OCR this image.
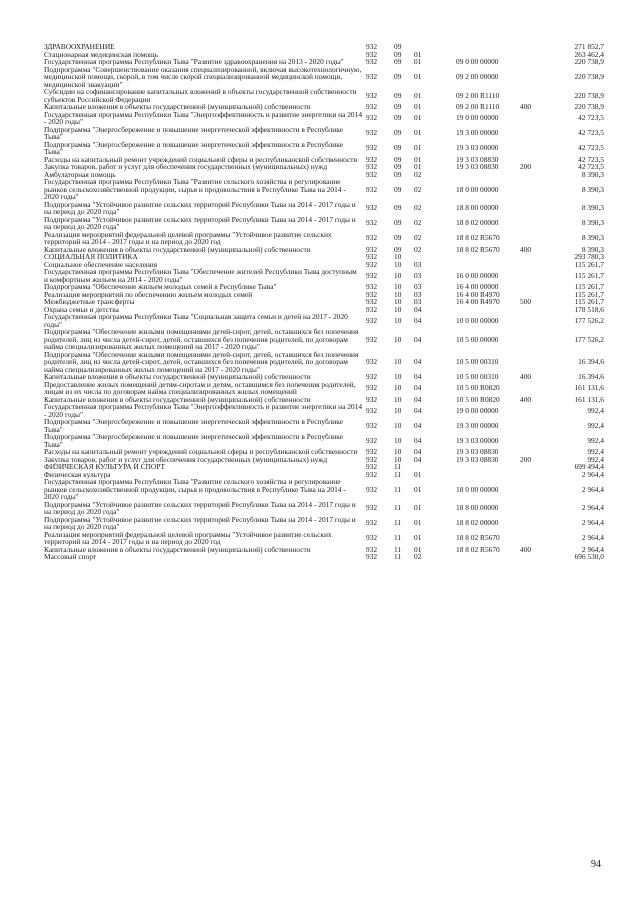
ЗДРАВООХРАНЕНИЕ	932	09				271 852,7
Стационарная медицинская помощь	932	09	01			263 462,4
Государственная программа Республики Тыва "Развитие здравоохранения на 2013 - 2020 годы"	932	09	01	09 0 00 00000		220 738,9
Подпрограмма "Совершенствование оказания специализированной, включая высокотехнологичную, медицинской помощи, скорой, в том числе скорой специализированной медицинской помощи, медицинской эвакуации"	932	09	01	09 2 00 00000		220 738,9
Субсидии на софинансирование капитальных вложений в объекты государственной собственности субъектов Российской Федерации	932	09	01	09 2 00 R1110		220 738,9
Капитальные вложения в объекты государственной (муниципальной) собственности	932	09	01	09 2 00 R1110	400	220 738,9
Государственная программа Республики Тыва "Энергоэффективность и развитие энергетики на 2014 - 2020 годы"	932	09	01	19 0 00 00000		42 723,5
Подпрограмма "Энергосбережение и повышение энергетической эффективности в Республике Тыва"	932	09	01	19 3 00 00000		42 723,5
Подпрограмма "Энергосбережение и повышение энергетической эффективности в Республике Тыва"	932	09	01	19 3 03 00000		42 723,5
Расходы на капитальный ремонт учреждений социальной сферы и республиканской собственности	932	09	01	19 3 03 08830		42 723,5
Закупка товаров, работ и услуг для обеспечения государственных (муниципальных) нужд	932	09	01	19 3 03 08830	200	42 723,5
Амбулаторная помощь	932	09	02			8 390,3
Государственная программа Республики Тыва "Развитие сельского хозяйства и регулирование рынков сельскохозяйственной продукции, сырья и продовольствия в Республике Тыва на 2014 - 2020 годы"	932	09	02	18 0 00 00000		8 390,3
Подпрограмма "Устойчивое развитие сельских территорий Республики Тыва на 2014 - 2017 годы и на период до 2020 года"	932	09	02	18 8 00 00000		8 390,3
Подпрограмма "Устойчивое развитие сельских территорий Республики Тыва на 2014 - 2017 годы и на период до 2020 года"	932	09	02	18 8 02 00000		8 390,3
Реализация мероприятий федеральной целевой программы "Устойчивое развитие сельских территорий на 2014 - 2017 годы и на период до 2020 год	932	09	02	18 8 02 R5670		8 390,3
Капитальные вложения в объекты государственной (муниципальной) собственности	932	09	02	18 8 02 R5670	400	8 390,3
СОЦИАЛЬНАЯ ПОЛИТИКА	932	10				293 780,3
Социальное обеспечение населения	932	10	03			115 261,7
Государственная программа Республики Тыва "Обеспечение жителей Республики Тыва доступным и комфортным жильем на 2014 - 2020 годы"	932	10	03	16 0 00 00000		115 261,7
Подпрограмма "Обеспечение жильем молодых семей в Республике Тыва"	932	10	03	16 4 00 00000		115 261,7
Реализация мероприятий по обеспечению жильем молодых семей	932	10	03	16 4 00 R4970		115 261,7
Межбюджетные трансферты	932	10	03	16 4 00 R4970	500	115 261,7
Охрана семьи и детства	932	10	04			178 518,6
Государственная программа Республики Тыва "Социальная защита семьи и детей на 2017 - 2020 годы"	932	10	04	10 0 00 00000		177 526,2
Подпрограмма "Обеспечение жилыми помещениями детей-сирот, детей, оставшихся без попечения родителей, лиц из числа детей-сирот, детей, оставшихся без попечения родителей, по договорам найма специализированных жилых помещений на 2017 - 2020 годы"	932	10	04	10 5 00 00000		177 526,2
Подпрограмма "Обеспечение жилыми помещениями детей-сирот, детей, оставшихся без попечения родителей, лиц из числа детей-сирот, детей, оставшихся без попечения родителей, по договорам найма специализированных жилых помещений на 2017 - 2020 годы"	932	10	04	10 5 00 00310		16 394,6
Капитальные вложения в объекты государственной (муниципальной) собственности	932	10	04	10 5 00 00310	400	16 394,6
Предоставление жилых помещений детям-сиротам и детям, оставшимся без попечения родителей, лицам из их числа по договорам найма специализированных жилых помещений	932	10	04	10 5 00 R0820		161 131,6
Капитальные вложения в объекты государственной (муниципальной) собственности	932	10	04	10 5 00 R0820	400	161 131,6
Государственная программа Республики Тыва "Энергоэффективность и развитие энергетики на 2014 - 2020 годы"	932	10	04	19 0 00 00000		992,4
Подпрограмма "Энергосбережение и повышение энергетической эффективности в Республике Тыва"	932	10	04	19 3 00 00000		992,4
Подпрограмма "Энергосбережение и повышение энергетической эффективности в Республике Тыва"	932	10	04	19 3 03 00000		992,4
Расходы на капитальный ремонт учреждений социальной сферы и республиканской собственности	932	10	04	19 3 03 08830		992,4
Закупка товаров, работ и услуг для обеспечения государственных (муниципальных) нужд	932	10	04	19 3 03 08830	200	992,4
ФИЗИЧЕСКАЯ КУЛЬТУРА И СПОРТ	932	11				699 494,4
Физическая культура	932	11	01			2 964,4
Государственная программа Республики Тыва "Развитие сельского хозяйства и регулирование рынков сельскохозяйственной продукции, сырья и продовольствия в Республике Тыва на 2014 - 2020 годы"	932	11	01	18 0 00 00000		2 964,4
Подпрограмма "Устойчивое развитие сельских территорий Республики Тыва на 2014 - 2017 годы и на период до 2020 года"	932	11	01	18 8 00 00000		2 964,4
Подпрограмма "Устойчивое развитие сельских территорий Республики Тыва на 2014 - 2017 годы и на период до 2020 года"	932	11	01	18 8 02 00000		2 964,4
Реализация мероприятий федеральной целевой программы "Устойчивое развитие сельских территорий на 2014 - 2017 годы и на период до 2020 год	932	11	01	18 8 02 R5670		2 964,4
Капитальные вложения в объекты государственной (муниципальной) собственности	932	11	01	18 8 02 R5670	400	2 964,4
Массовый спорт	932	11	02			696 530,0
94
